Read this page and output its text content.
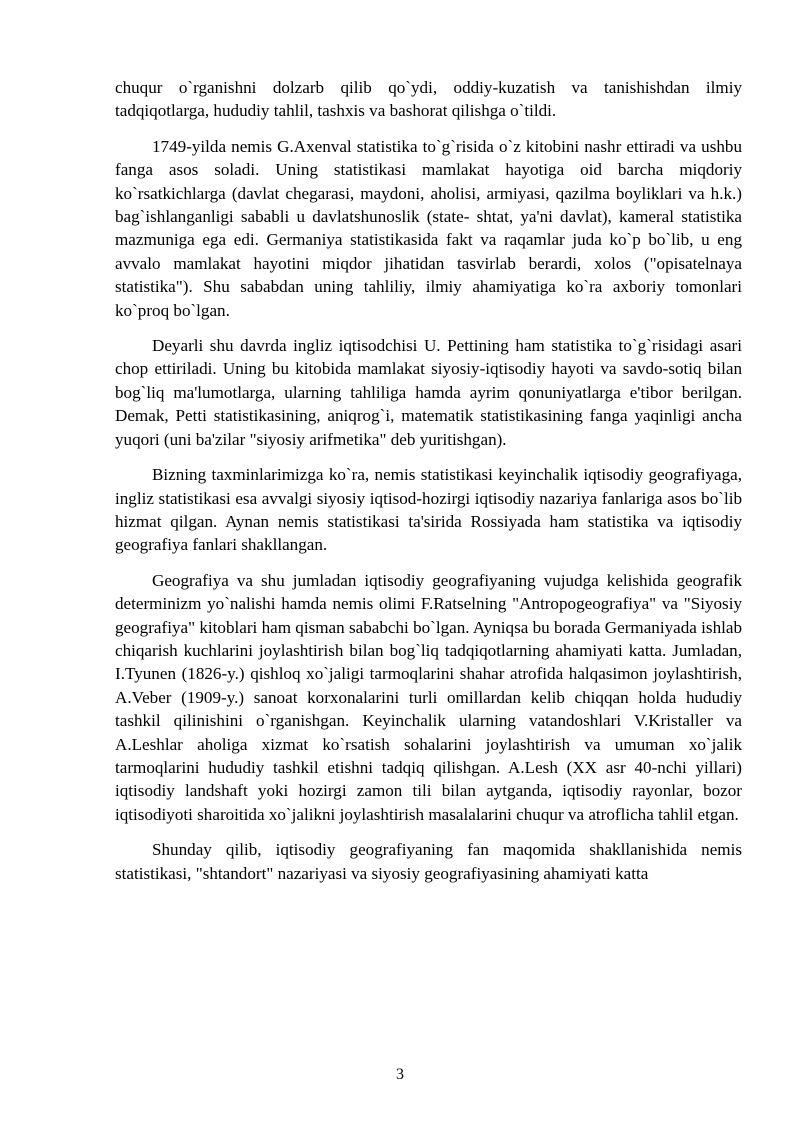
chuqur o`rganishni dolzarb qilib qo`ydi, oddiy-kuzatish va tanishishdan ilmiy tadqiqotlarga, hududiy tahlil, tashxis va bashorat qilishga o`tildi.

1749-yilda nemis G.Axenval statistika to`g`risida o`z kitobini nashr ettiradi va ushbu fanga asos soladi. Uning statistikasi mamlakat hayotiga oid barcha miqdoriy ko`rsatkichlarga (davlat chegarasi, maydoni, aholisi, armiyasi, qazilma boyliklari va h.k.) bag`ishlanganligi sababli u davlatshunoslik (state- shtat, ya'ni davlat), kameral statistika mazmuniga ega edi. Germaniya statistikasida fakt va raqamlar juda ko`p bo`lib, u eng avvalo mamlakat hayotini miqdor jihatidan tasvirlab berardi, xolos ("opisatelnaya statistika"). Shu sababdan uning tahliliy, ilmiy ahamiyatiga ko`ra axboriy tomonlari ko`proq bo`lgan.

Deyarli shu davrda ingliz iqtisodchisi U. Pettining ham statistika to`g`risidagi asari chop ettiriladi. Uning bu kitobida mamlakat siyosiy-iqtisodiy hayoti va savdo-sotiq bilan bog`liq ma'lumotlarga, ularning tahliliga hamda ayrim qonuniyatlarga e'tibor berilgan. Demak, Petti statistikasining, aniqrog`i, matematik statistikasining fanga yaqinligi ancha yuqori (uni ba'zilar "siyosiy arifmetika" deb yuritishgan).

Bizning taxminlarimizga ko`ra, nemis statistikasi keyinchalik iqtisodiy geografiyaga, ingliz statistikasi esa avvalgi siyosiy iqtisod-hozirgi iqtisodiy nazariya fanlariga asos bo`lib hizmat qilgan. Aynan nemis statistikasi ta'sirida Rossiyada ham statistika va iqtisodiy geografiya fanlari shakllangan.

Geografiya va shu jumladan iqtisodiy geografiyaning vujudga kelishida geografik determinizm yo`nalishi hamda nemis olimi F.Ratselning "Antropogeografiya" va "Siyosiy geografiya" kitoblari ham qisman sababchi bo`lgan. Ayniqsa bu borada Germaniyada ishlab chiqarish kuchlarini joylashtirish bilan bog`liq tadqiqotlarning ahamiyati katta. Jumladan, I.Tyunen (1826-y.) qishloq xo`jaligi tarmoqlarini shahar atrofida halqasimon joylashtirish, A.Veber (1909-y.) sanoat korxonalarini turli omillardan kelib chiqqan holda hududiy tashkil qilinishini o`rganishgan. Keyinchalik ularning vatandoshlari V.Kristaller va A.Leshlar aholiga xizmat ko`rsatish sohalarini joylashtirish va umuman xo`jalik tarmoqlarini hududiy tashkil etishni tadqiq qilishgan. A.Lesh (XX asr 40-nchi yillari) iqtisodiy landshaft yoki hozirgi zamon tili bilan aytganda, iqtisodiy rayonlar, bozor iqtisodiyoti sharoitida xo`jalikni joylashtirish masalalarini chuqur va atroflicha tahlil etgan.

Shunday qilib, iqtisodiy geografiyaning fan maqomida shakllanishida nemis statistikasi, "shtandort" nazariyasi va siyosiy geografiyasining ahamiyati katta

3
